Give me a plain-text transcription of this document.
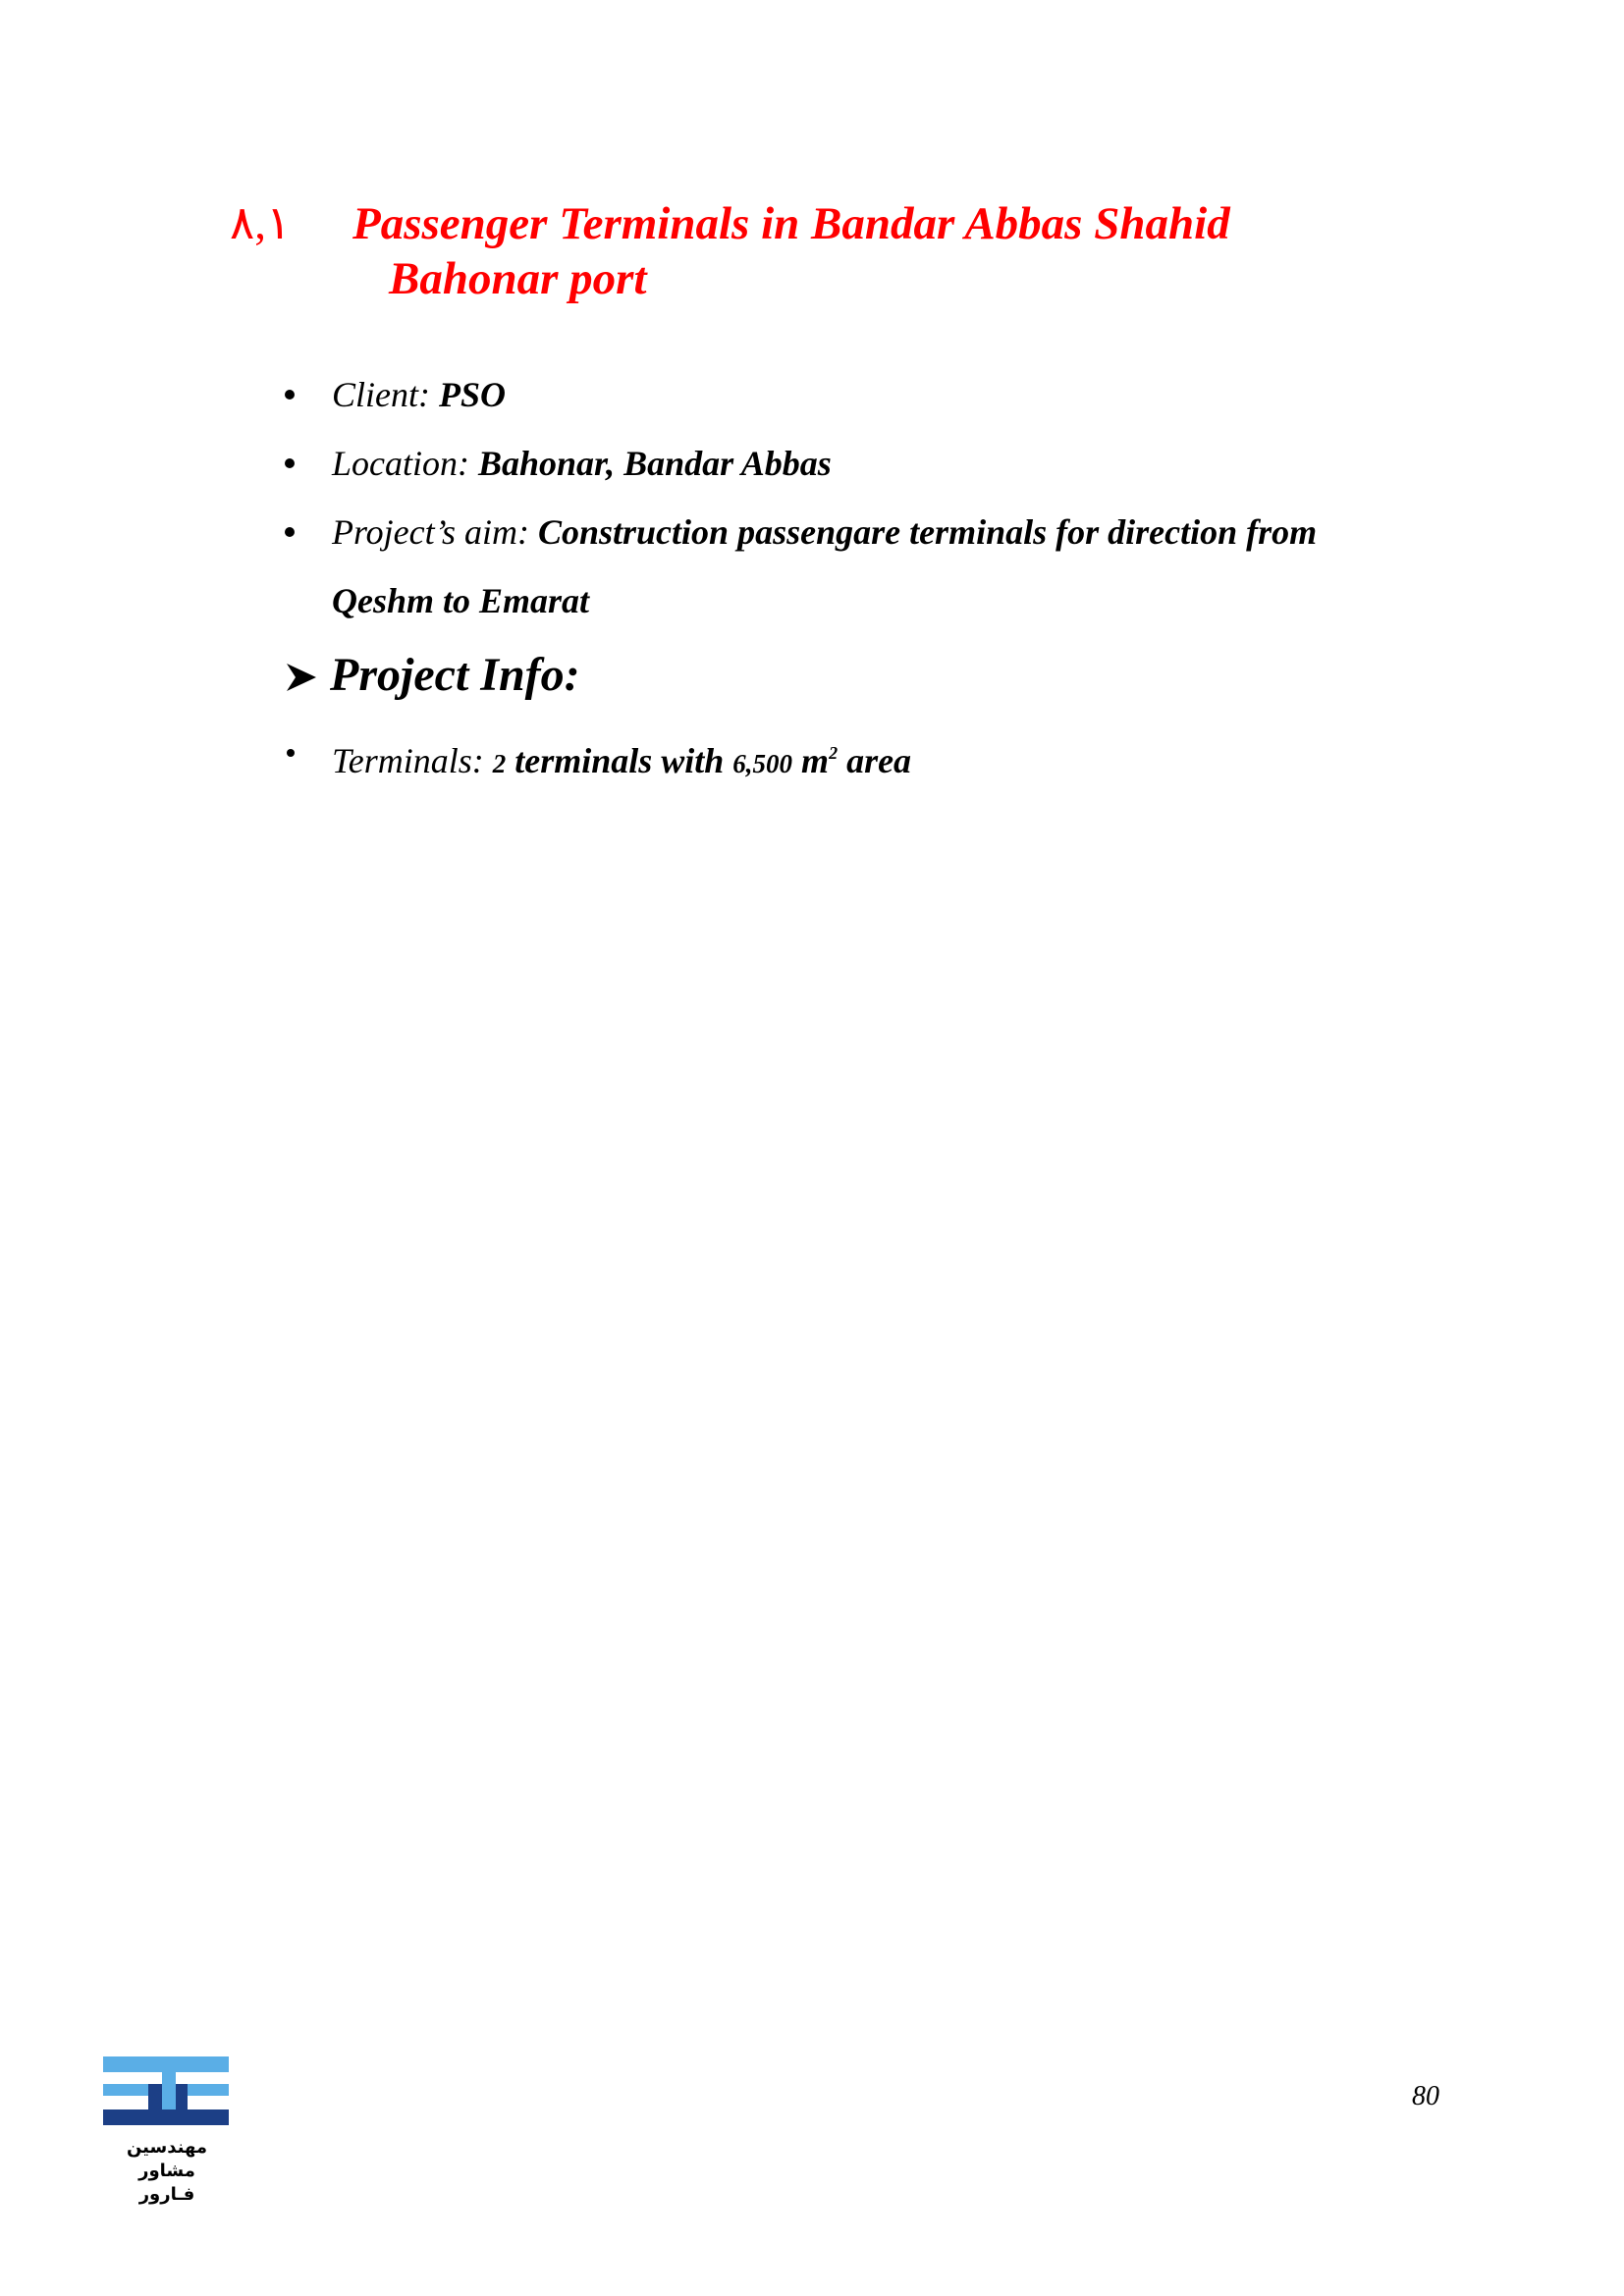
٨,١ Passenger Terminals in Bandar Abbas Shahid
Bahonar port
Client: PSO
Location: Bahonar, Bandar Abbas
Project’s aim: Construction passengare terminals for direction from
Qeshm to Emarat
Project Info:
Terminals: 2 terminals with 6,500 $m^2$ area
مهندسین مشاور
فـارور
80
